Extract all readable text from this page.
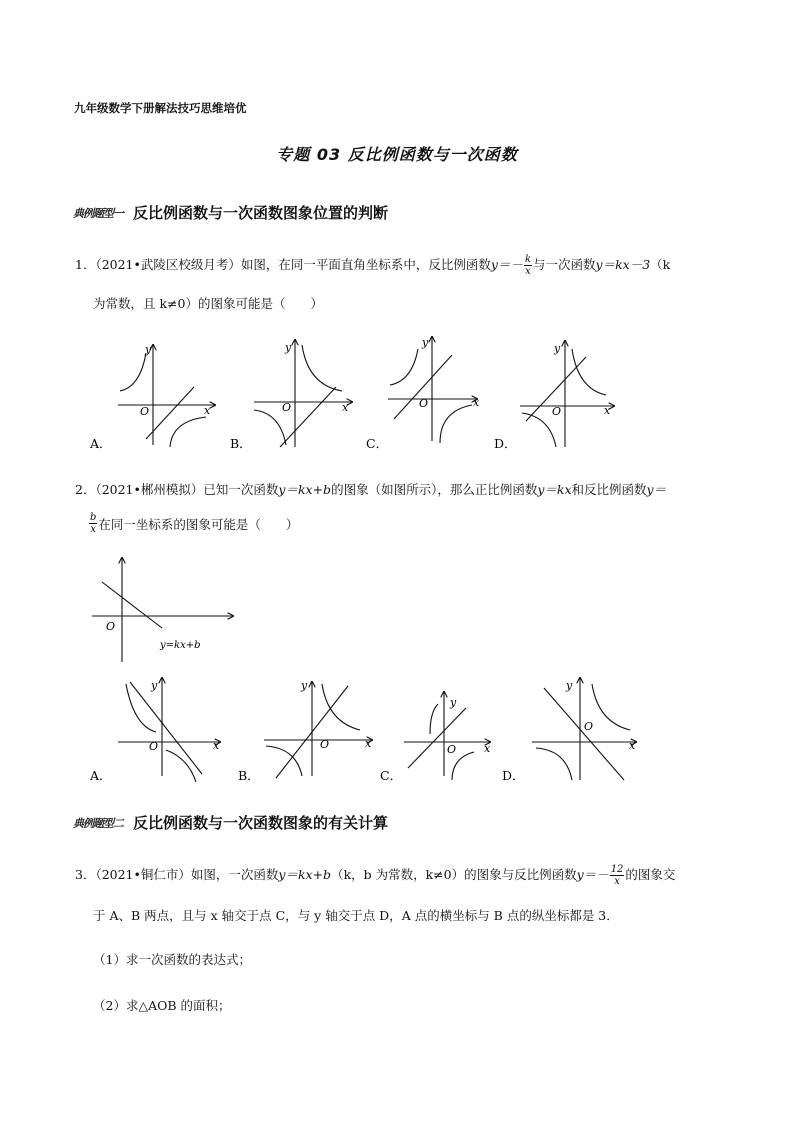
九年级数学下册解法技巧思维培优
专题 03 反比例函数与一次函数
典例题型一 反比例函数与一次函数图象位置的判断
1．（2021•武陵区校级月考）如图，在同一平面直角坐标系中，反比例函数$y=- \frac{k}{x}$ 与一次函数y＝kx－3（k
为常数，且 k≠0）的图象可能是（　　）
O	x
y
A．
O	x
y
B．
O	x
y
C．
O	x
y
D．
2．（2021•郴州模拟）已知一次函数y＝kx+b的图象（如图所示），那么正比例函数y＝kx和反比例函数y＝
$\frac{b}{x}$ 在同一坐标系的图象可能是（　　）
O
y=kx+b
O	x
y
A．
O	x
y
B．
O	x
y
C．
O
x
y
D．
典例题型二 反比例函数与一次函数图象的有关计算
3．（2021•铜仁市）如图，一次函数y＝kx+b（k，b 为常数，k≠0）的图象与反比例函数$y=- \frac{12}{x}$ 的图象交
于 A、B 两点，且与 x 轴交于点 C，与 y 轴交于点 D，A 点的横坐标与 B 点的纵坐标都是 3．
（1）求一次函数的表达式；
（2）求△AOB 的面积；
